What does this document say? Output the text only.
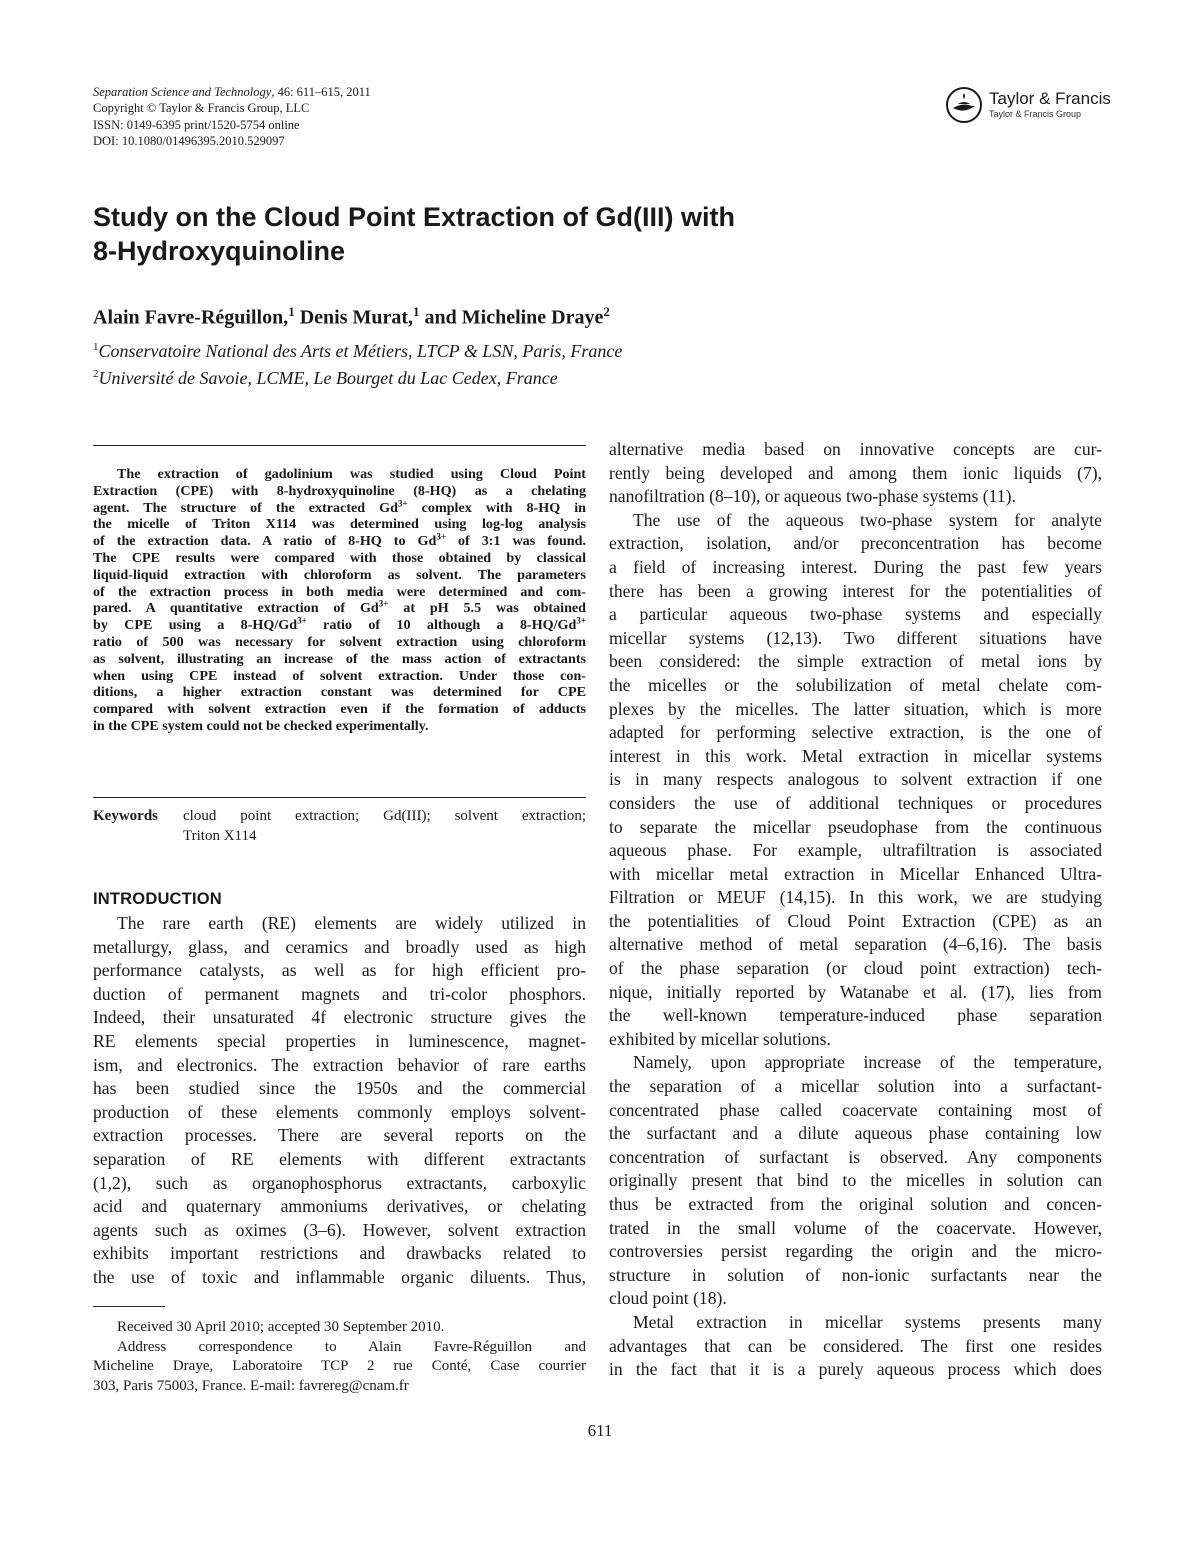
Separation Science and Technology, 46: 611–615, 2011
Copyright © Taylor & Francis Group, LLC
ISSN: 0149-6395 print/1520-5754 online
DOI: 10.1080/01496395.2010.529097
Taylor & Francis
Taylor & Francis Group
Study on the Cloud Point Extraction of Gd(III) with
8-Hydroxyquinoline
Alain Favre-Réguillon,$^1$ Denis Murat,$^1$ and Micheline Draye$^2$
$^1$Conservatoire National des Arts et Métiers, LTCP & LSN, Paris, France
$^2$Université de Savoie, LCME, Le Bourget du Lac Cedex, France
The extraction of gadolinium was studied using Cloud Point
Extraction (CPE) with 8-hydroxyquinoline (8-HQ) as a chelating
agent. The structure of the extracted $Gd^{3+}$ complex with 8-HQ in
the micelle of Triton X114 was determined using log-log analysis
of the extraction data. A ratio of 8-HQ to $Gd^{3+}$ of 3:1 was found.
The CPE results were compared with those obtained by classical
liquid-liquid extraction with chloroform as solvent. The parameters
of the extraction process in both media were determined and com-
pared. A quantitative extraction of $Gd^{3+}$ at pH 5.5 was obtained
by CPE using a $8-HQ/Gd^{3+}$ ratio of 10 although a $8-HQ/Gd^{3+}$
ratio of 500 was necessary for solvent extraction using chloroform
as solvent, illustrating an increase of the mass action of extractants
when using CPE instead of solvent extraction. Under those con-
ditions, a higher extraction constant was determined for CPE
compared with solvent extraction even if the formation of adducts
in the CPE system could not be checked experimentally.
Keywords cloud point extraction; Gd(III); solvent extraction;
Triton X114
INTRODUCTION
The rare earth (RE) elements are widely utilized in
metallurgy, glass, and ceramics and broadly used as high
performance catalysts, as well as for high efficient pro-
duction of permanent magnets and tri-color phosphors.
Indeed, their unsaturated 4f electronic structure gives the
RE elements special properties in luminescence, magnet-
ism, and electronics. The extraction behavior of rare earths
has been studied since the 1950s and the commercial
production of these elements commonly employs solvent-
extraction processes. There are several reports on the
separation of RE elements with different extractants
(1,2), such as organophosphorus extractants, carboxylic
acid and quaternary ammoniums derivatives, or chelating
agents such as oximes (3–6). However, solvent extraction
exhibits important restrictions and drawbacks related to
the use of toxic and inflammable organic diluents. Thus,
Received 30 April 2010; accepted 30 September 2010.
Address correspondence to Alain Favre-Réguillon and
Micheline Draye, Laboratoire TCP 2 rue Conté, Case courrier
303, Paris 75003, France. E-mail: favrereg@cnam.fr
alternative media based on innovative concepts are cur-
rently being developed and among them ionic liquids (7),
nanofiltration (8–10), or aqueous two-phase systems (11).
The use of the aqueous two-phase system for analyte
extraction, isolation, and/or preconcentration has become
a field of increasing interest. During the past few years
there has been a growing interest for the potentialities of
a particular aqueous two-phase systems and especially
micellar systems (12,13). Two different situations have
been considered: the simple extraction of metal ions by
the micelles or the solubilization of metal chelate com-
plexes by the micelles. The latter situation, which is more
adapted for performing selective extraction, is the one of
interest in this work. Metal extraction in micellar systems
is in many respects analogous to solvent extraction if one
considers the use of additional techniques or procedures
to separate the micellar pseudophase from the continuous
aqueous phase. For example, ultrafiltration is associated
with micellar metal extraction in Micellar Enhanced Ultra-
Filtration or MEUF (14,15). In this work, we are studying
the potentialities of Cloud Point Extraction (CPE) as an
alternative method of metal separation (4–6,16). The basis
of the phase separation (or cloud point extraction) tech-
nique, initially reported by Watanabe et al. (17), lies from
the well-known temperature-induced phase separation
exhibited by micellar solutions.
Namely, upon appropriate increase of the temperature,
the separation of a micellar solution into a surfactant-
concentrated phase called coacervate containing most of
the surfactant and a dilute aqueous phase containing low
concentration of surfactant is observed. Any components
originally present that bind to the micelles in solution can
thus be extracted from the original solution and concen-
trated in the small volume of the coacervate. However,
controversies persist regarding the origin and the micro-
structure in solution of non-ionic surfactants near the
cloud point (18).
Metal extraction in micellar systems presents many
advantages that can be considered. The first one resides
in the fact that it is a purely aqueous process which does
611
